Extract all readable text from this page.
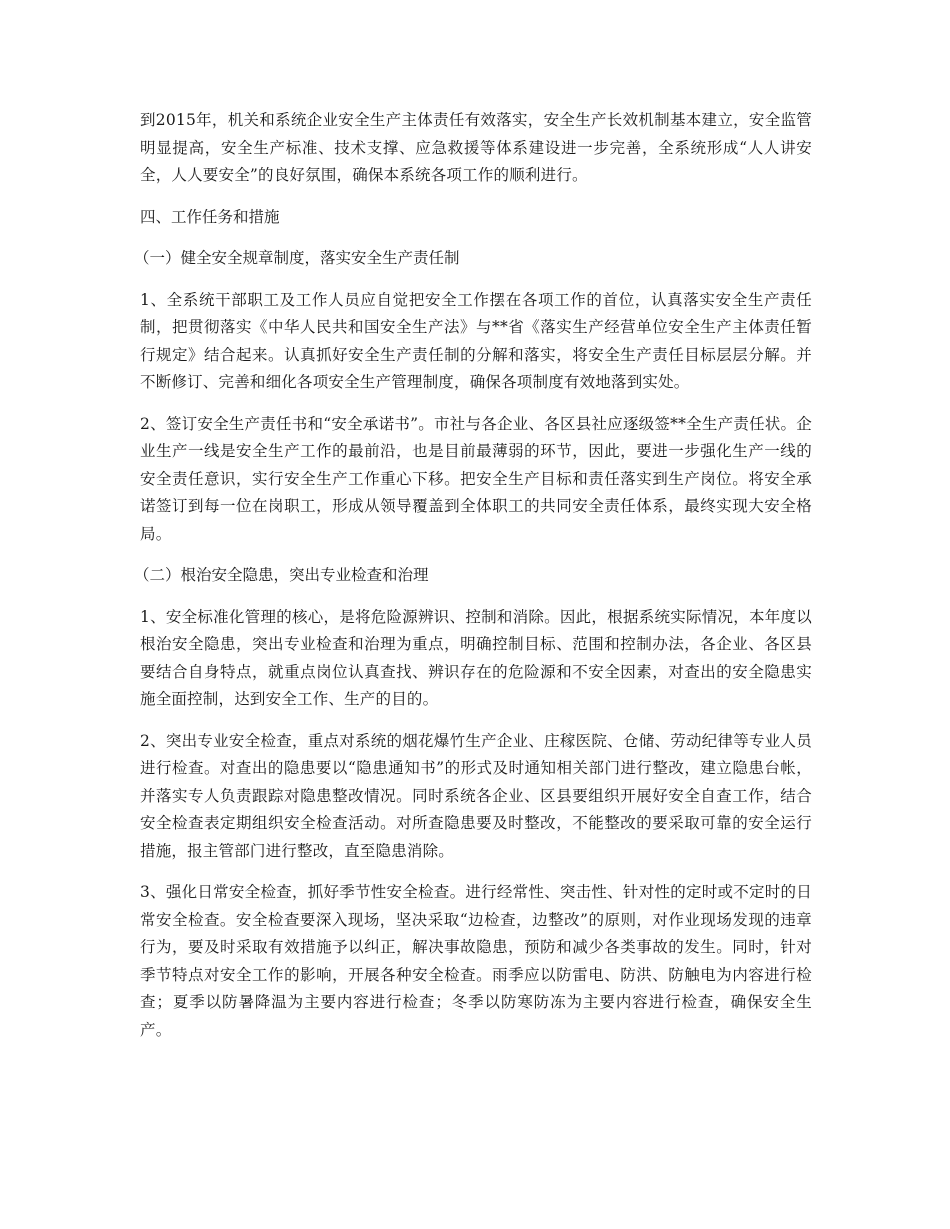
到2015年，机关和系统企业安全生产主体责任有效落实，安全生产长效机制基本建立，安全监管明显提高，安全生产标准、技术支撑、应急救援等体系建设进一步完善，全系统形成“人人讲安全，人人要安全”的良好氛围，确保本系统各项工作的顺利进行。

四、工作任务和措施

（一）健全安全规章制度，落实安全生产责任制

1、全系统干部职工及工作人员应自觉把安全工作摆在各项工作的首位，认真落实安全生产责任制，把贯彻落实《中华人民共和国安全生产法》与**省《落实生产经营单位安全生产主体责任暂行规定》结合起来。认真抓好安全生产责任制的分解和落实，将安全生产责任目标层层分解。并不断修订、完善和细化各项安全生产管理制度，确保各项制度有效地落到实处。

2、签订安全生产责任书和“安全承诺书”。市社与各企业、各区县社应逐级签**全生产责任状。企业生产一线是安全生产工作的最前沿，也是目前最薄弱的环节，因此，要进一步强化生产一线的安全责任意识，实行安全生产工作重心下移。把安全生产目标和责任落实到生产岗位。将安全承诺签订到每一位在岗职工，形成从领导覆盖到全体职工的共同安全责任体系，最终实现大安全格局。

（二）根治安全隐患，突出专业检查和治理

1、安全标准化管理的核心，是将危险源辨识、控制和消除。因此，根据系统实际情况，本年度以根治安全隐患，突出专业检查和治理为重点，明确控制目标、范围和控制办法，各企业、各区县要结合自身特点，就重点岗位认真查找、辨识存在的危险源和不安全因素，对查出的安全隐患实施全面控制，达到安全工作、生产的目的。

2、突出专业安全检查，重点对系统的烟花爆竹生产企业、庄稼医院、仓储、劳动纪律等专业人员进行检查。对查出的隐患要以“隐患通知书”的形式及时通知相关部门进行整改，建立隐患台帐，并落实专人负责跟踪对隐患整改情况。同时系统各企业、区县要组织开展好安全自查工作，结合安全检查表定期组织安全检查活动。对所查隐患要及时整改，不能整改的要采取可靠的安全运行措施，报主管部门进行整改，直至隐患消除。

3、强化日常安全检查，抓好季节性安全检查。进行经常性、突击性、针对性的定时或不定时的日常安全检查。安全检查要深入现场，坚决采取“边检查，边整改”的原则，对作业现场发现的违章行为，要及时采取有效措施予以纠正，解决事故隐患，预防和减少各类事故的发生。同时，针对季节特点对安全工作的影响，开展各种安全检查。雨季应以防雷电、防洪、防触电为内容进行检查；夏季以防暑降温为主要内容进行检查；冬季以防寒防冻为主要内容进行检查，确保安全生产。
